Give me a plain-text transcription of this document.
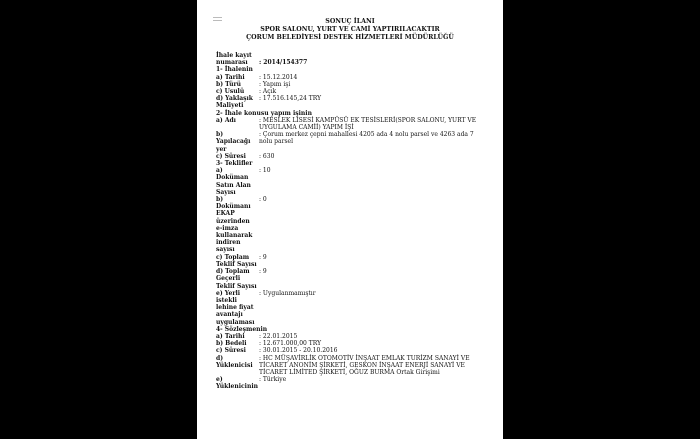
SONUÇ İLANI
SPOR SALONU, YURT VE CAMİ YAPTIRILACAKTIR
ÇORUM BELEDİYESİ DESTEK HİZMETLERİ MÜDÜRLÜĞÜ
İhale kayıt
numarası	: 2014/154377
1- İhalenin
a) Tarihi	: 15.12.2014
b) Türü	: Yapım işi
c) Usulü	: Açık
d) Yaklaşık Maliyeti
: 17.516.145,24 TRY
2- İhale konusu yapım işinin
a) Adı	: MESLEK LİSESİ KAMPÜSÜ EK TESİSLERİ(SPOR SALONU, YURT VE UYGULAMA CAMİİ) YAPIM İŞİ
b) Yapılacağı yer
: Çorum merkez çepni mahallesi 4205 ada 4 nolu parsel ve 4263 ada 7 nolu parsel
c) Süresi	: 630
3- Teklifler
a) Doküman Satın Alan Sayısı
: 10
b) Dokümanı EKAP üzerinden e-imza kullanarak indiren sayısı
: 0
c) Toplam Teklif Sayısı
: 9
d) Toplam Geçerli Teklif Sayısı
: 9
e) Yerli istekli lehine fiyat avantajı uygulaması
: Uygulanmamıştır
4- Sözleşmenin
a) Tarihi	: 22.01.2015
b) Bedeli	: 12.671.000,00 TRY
c) Süresi	: 30.01.2015 - 20.10.2016
d) Yüklenicisi
: HC MÜŞAVİRLİK OTOMOTİV İNŞAAT EMLAK TURİZM SANAYİ VE TİCARET ANONİM ŞİRKETİ, GESKON İNŞAAT ENERJİ SANAYİ VE TİCARET LİMİTED ŞİRKETİ, OĞUZ BURMA Ortak Girişimi
e) Yüklenicinin
: Türkiye
